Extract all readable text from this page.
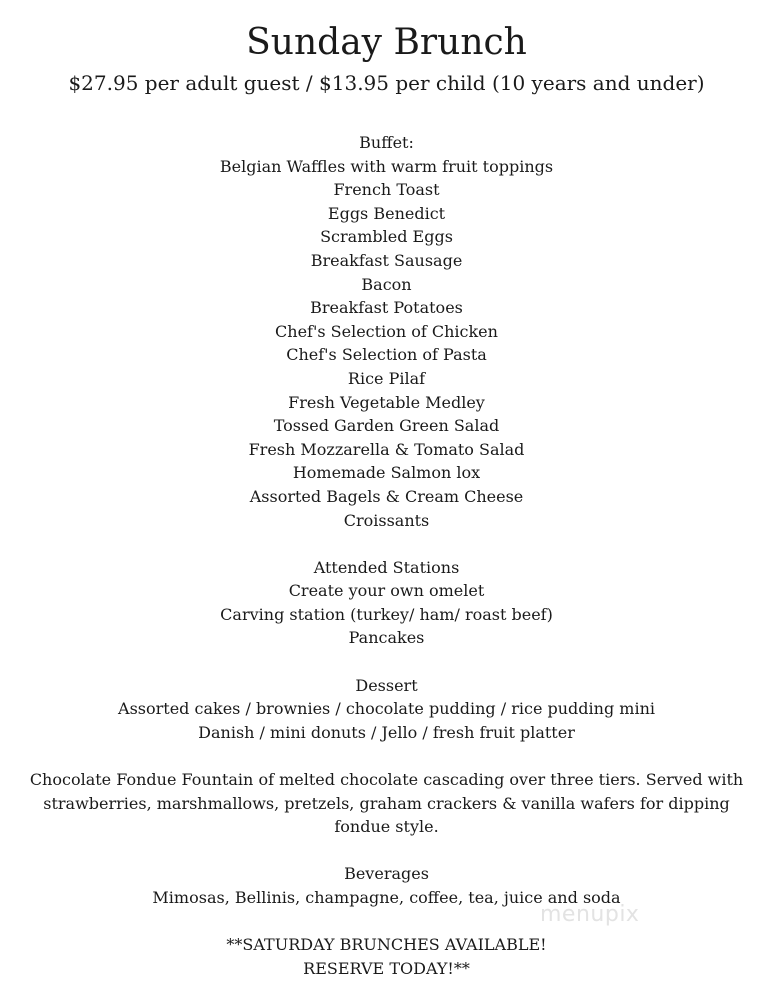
Sunday Brunch
$27.95 per adult guest / $13.95 per child (10 years and under)
Buffet:
Belgian Waffles with warm fruit toppings
French Toast
Eggs Benedict
Scrambled Eggs
Breakfast Sausage
Bacon
Breakfast Potatoes
Chef's Selection of Chicken
Chef's Selection of Pasta
Rice Pilaf
Fresh Vegetable Medley
Tossed Garden Green Salad
Fresh Mozzarella & Tomato Salad
Homemade Salmon lox
Assorted Bagels & Cream Cheese
Croissants
Attended Stations
Create your own omelet
Carving station (turkey/ ham/ roast beef)
Pancakes
Dessert
Assorted cakes / brownies / chocolate pudding / rice pudding mini
Danish / mini donuts / Jello / fresh fruit platter
Chocolate Fondue Fountain of melted chocolate cascading over three tiers. Served with strawberries, marshmallows, pretzels, graham crackers & vanilla wafers for dipping fondue style.
Beverages
Mimosas, Bellinis, champagne, coffee, tea, juice and soda
**SATURDAY BRUNCHES AVAILABLE!
RESERVE TODAY!**
menupix
